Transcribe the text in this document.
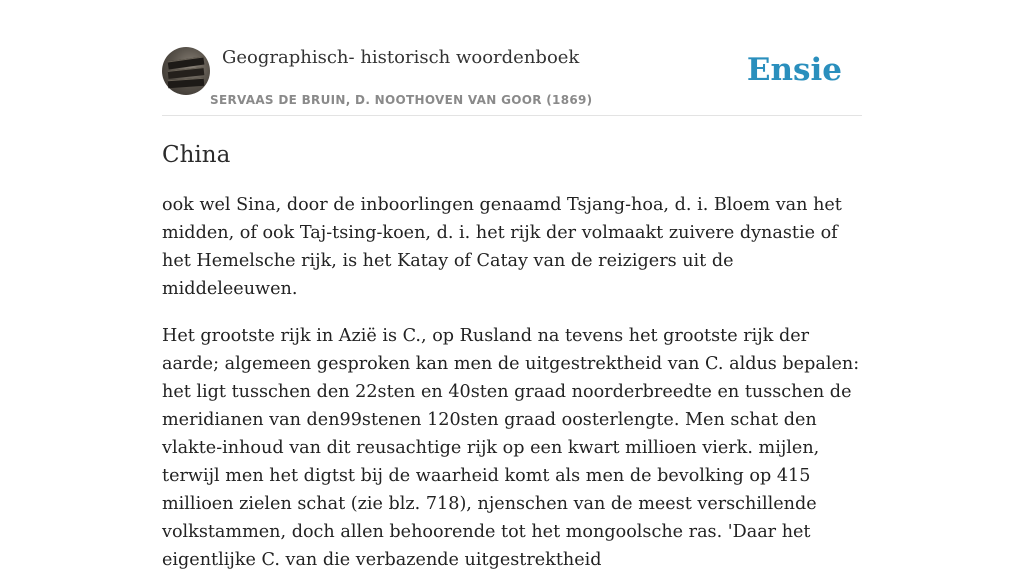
Geographisch- historisch woordenboek
SERVAAS DE BRUIN, D. NOOTHOVEN VAN GOOR (1869)
Ensie
China

ook wel Sina, door de inboorlingen genaamd Tsjang-hoa, d. i. Bloem van het midden, of ook Taj-tsing-koen, d. i. het rijk der volmaakt zuivere dynastie of het Hemelsche rijk, is het Katay of Catay van de reizigers uit de middeleeuwen.

Het grootste rijk in Azië is C., op Rusland na tevens het grootste rijk der aarde; algemeen gesproken kan men de uitgestrektheid van C. aldus bepalen: het ligt tusschen den 22sten en 40sten graad noorderbreedte en tusschen de meridianen van den99stenen 120sten graad oosterlengte. Men schat den vlakte-inhoud van dit reusachtige rijk op een kwart millioen vierk. mijlen, terwijl men het digtst bij de waarheid komt als men de bevolking op 415 millioen zielen schat (zie blz. 718), njenschen van de meest verschillende volkstammen, doch allen behoorende tot het mongoolsche ras. 'Daar het eigentlijke C. van die verbazende uitgestrektheid
